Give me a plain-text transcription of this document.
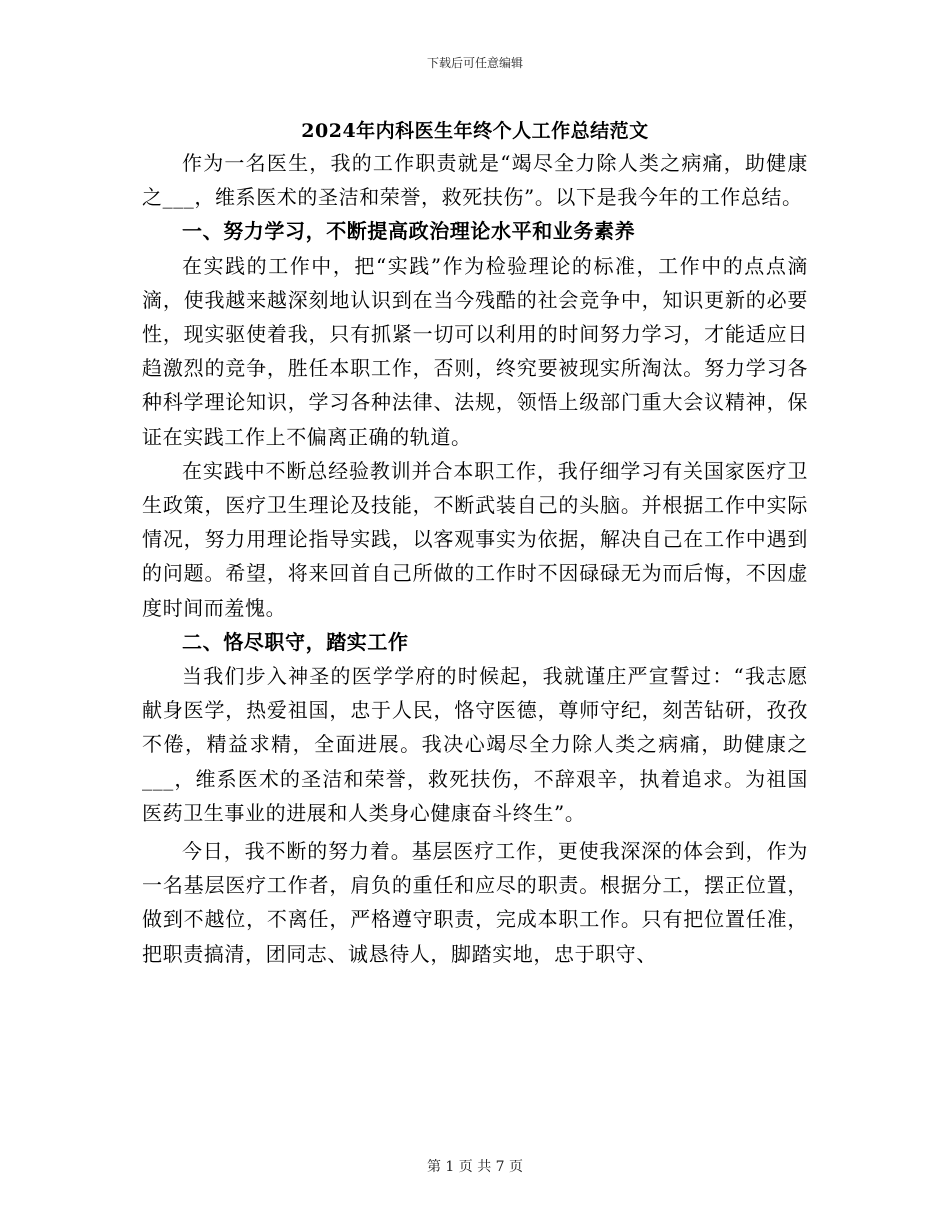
下载后可任意编辑
2024年内科医生年终个人工作总结范文

作为一名医生，我的工作职责就是“竭尽全力除人类之病痛，助健康之___，维系医术的圣洁和荣誉，救死扶伤”。以下是我今年的工作总结。

一、努力学习，不断提高政治理论水平和业务素养

在实践的工作中，把“实践”作为检验理论的标准，工作中的点点滴滴，使我越来越深刻地认识到在当今残酷的社会竞争中，知识更新的必要性，现实驱使着我，只有抓紧一切可以利用的时间努力学习，才能适应日趋激烈的竞争，胜任本职工作，否则，终究要被现实所淘汰。努力学习各种科学理论知识，学习各种法律、法规，领悟上级部门重大会议精神，保证在实践工作上不偏离正确的轨道。

在实践中不断总经验教训并合本职工作，我仔细学习有关国家医疗卫生政策，医疗卫生理论及技能，不断武装自己的头脑。并根据工作中实际情况，努力用理论指导实践，以客观事实为依据，解决自己在工作中遇到的问题。希望，将来回首自己所做的工作时不因碌碌无为而后悔，不因虚度时间而羞愧。

二、恪尽职守，踏实工作

当我们步入神圣的医学学府的时候起，我就谨庄严宣誓过：“我志愿献身医学，热爱祖国，忠于人民，恪守医德，尊师守纪，刻苦钻研，孜孜不倦，精益求精，全面进展。我决心竭尽全力除人类之病痛，助健康之___，维系医术的圣洁和荣誉，救死扶伤，不辞艰辛，执着追求。为祖国医药卫生事业的进展和人类身心健康奋斗终生”。

今日，我不断的努力着。基层医疗工作，更使我深深的体会到，作为一名基层医疗工作者，肩负的重任和应尽的职责。根据分工，摆正位置，做到不越位，不离任，严格遵守职责，完成本职工作。只有把位置任准，把职责搞清，团同志、诚恳待人，脚踏实地，忠于职守、

第 1 页 共 7 页
